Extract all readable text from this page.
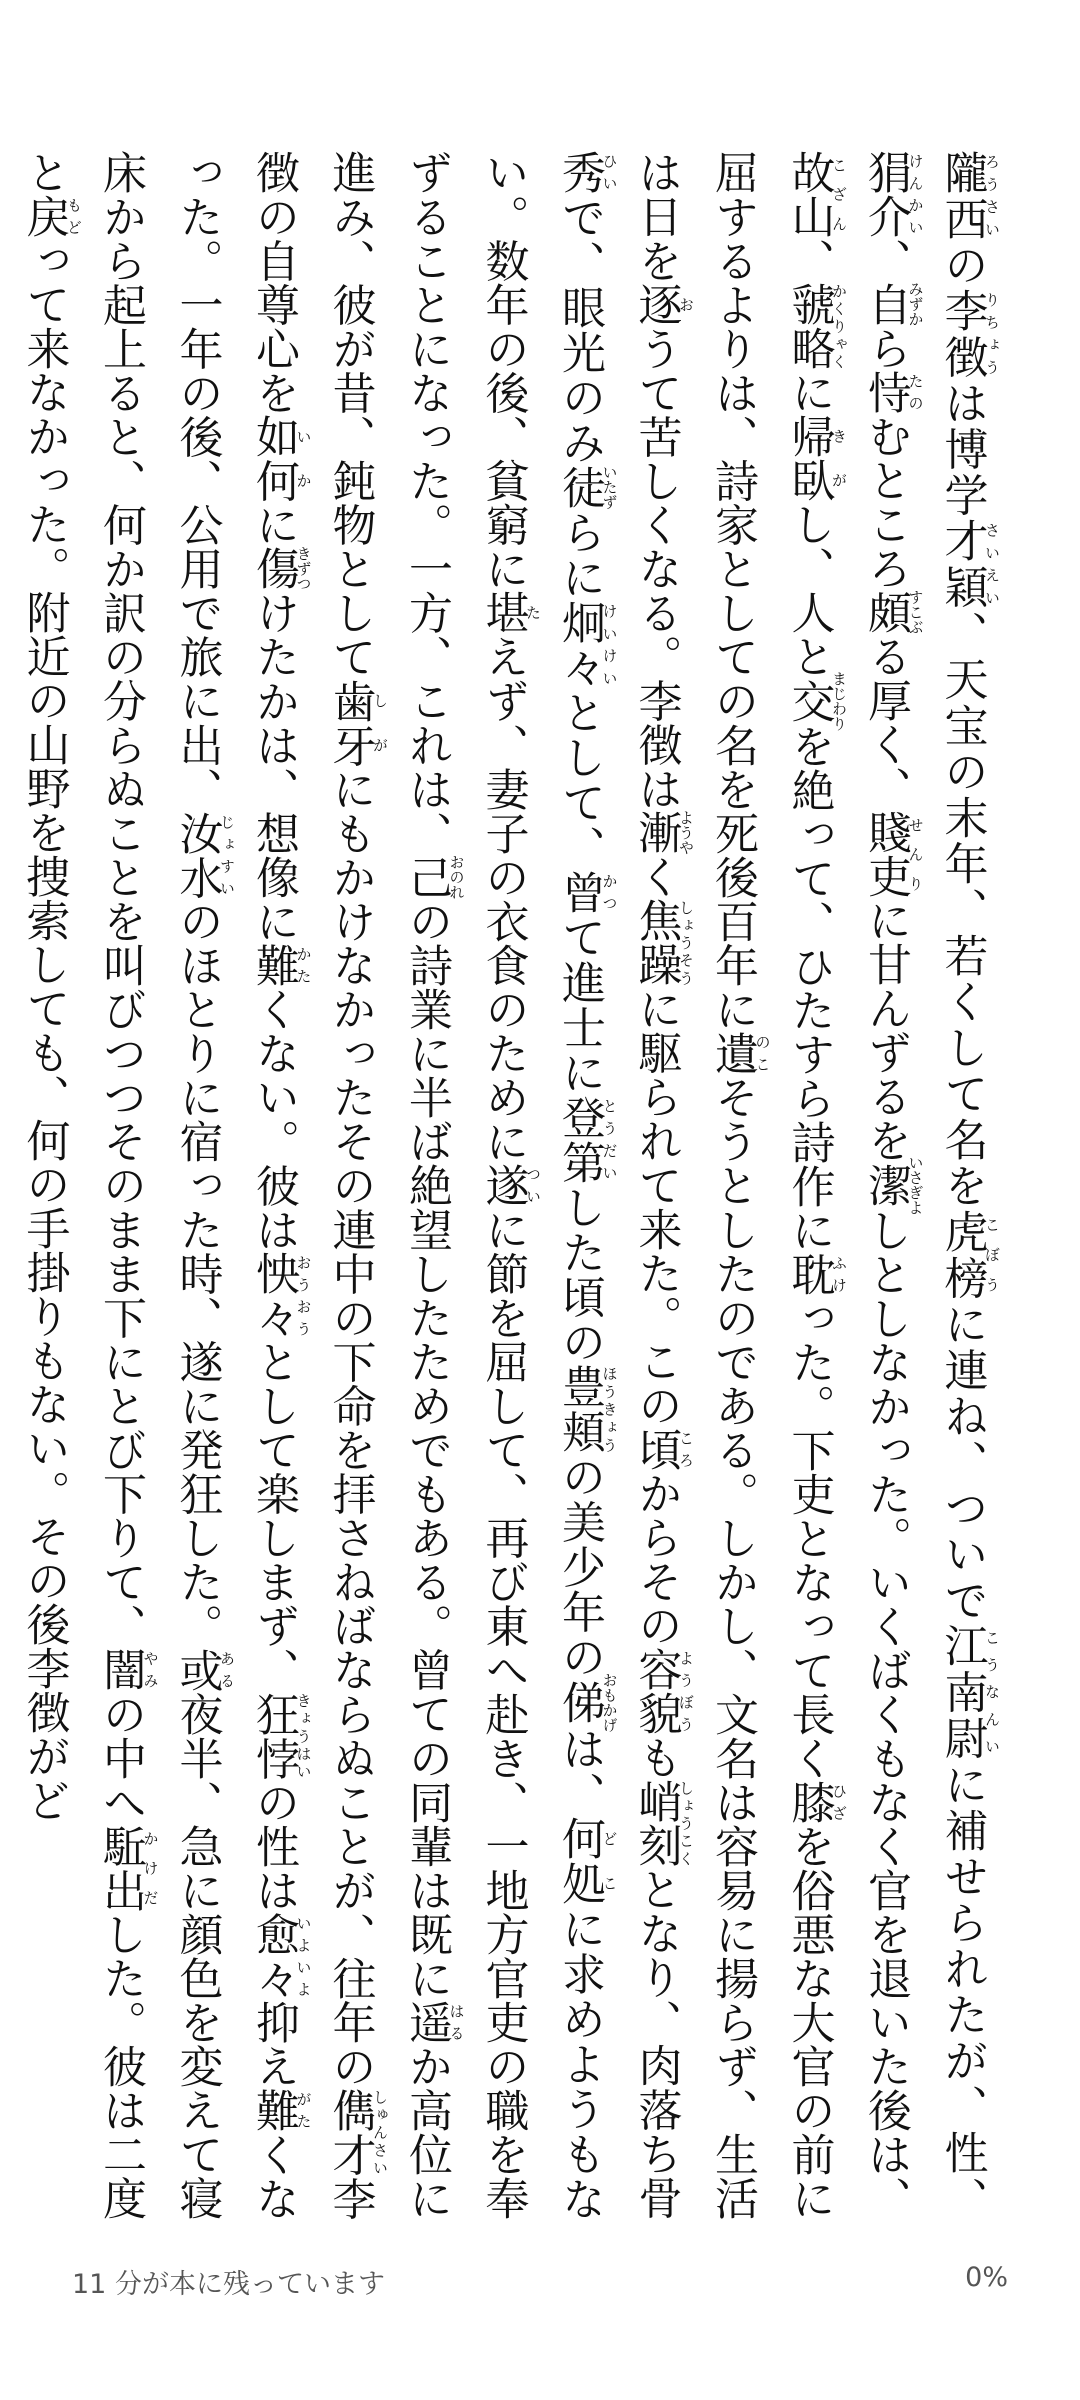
隴西ろうさいの李徴りちょうは博学才穎さいえい、天宝の末年、若くして名を虎榜こぼうに連ね、ついで江南尉こうなんいに補せられたが、性、狷介けんかい、自みずから恃たのむところ頗すこぶる厚く、賤吏せんりに甘んずるを潔いさぎよしとしなかった。いくばくもなく官を退いた後は、故山こざん、虢略かくりゃくに帰臥きがし、人と交まじわりを絶って、ひたすら詩作に耽ふけった。下吏となって長く膝ひざを俗悪な大官の前に屈するよりは、詩家としての名を死後百年に遺のこそうとしたのである。しかし、文名は容易に揚らず、生活は日を逐おうて苦しくなる。李徴は漸ようやく焦躁しょうそうに駆られて来た。この頃ころからその容貌ようぼうも峭刻しょうこくとなり、肉落ち骨秀ひいで、眼光のみ徒いたずらに炯々けいけいとして、曾かつて進士に登第とうだいした頃の豊頬ほうきょうの美少年の俤おもかげは、何処どこに求めようもない。数年の後、貧窮に堪たえず、妻子の衣食のために遂ついに節を屈して、再び東へ赴き、一地方官吏の職を奉ずることになった。一方、これは、己おのれの詩業に半ば絶望したためでもある。曾ての同輩は既に遥はるか高位に進み、彼が昔、鈍物として歯牙しがにもかけなかったその連中の下命を拝さねばならぬことが、往年の儁才しゅんさい李徴の自尊心を如何いかに傷きずつけたかは、想像に難かたくない。彼は怏々おうおうとして楽しまず、狂悖きょうはいの性は愈々いよいよ抑え難がたくなった。一年の後、公用で旅に出、汝水じょすいのほとりに宿った時、遂に発狂した。或ある夜半、急に顔色を変えて寝床から起上ると、何か訳の分らぬことを叫びつつそのまま下にとび下りて、闇やみの中へ駈出かけだした。彼は二度と戻もどって来なかった。附近の山野を捜索しても、何の手掛りもない。その後李徴がど

11 分が本に残っています	0%
